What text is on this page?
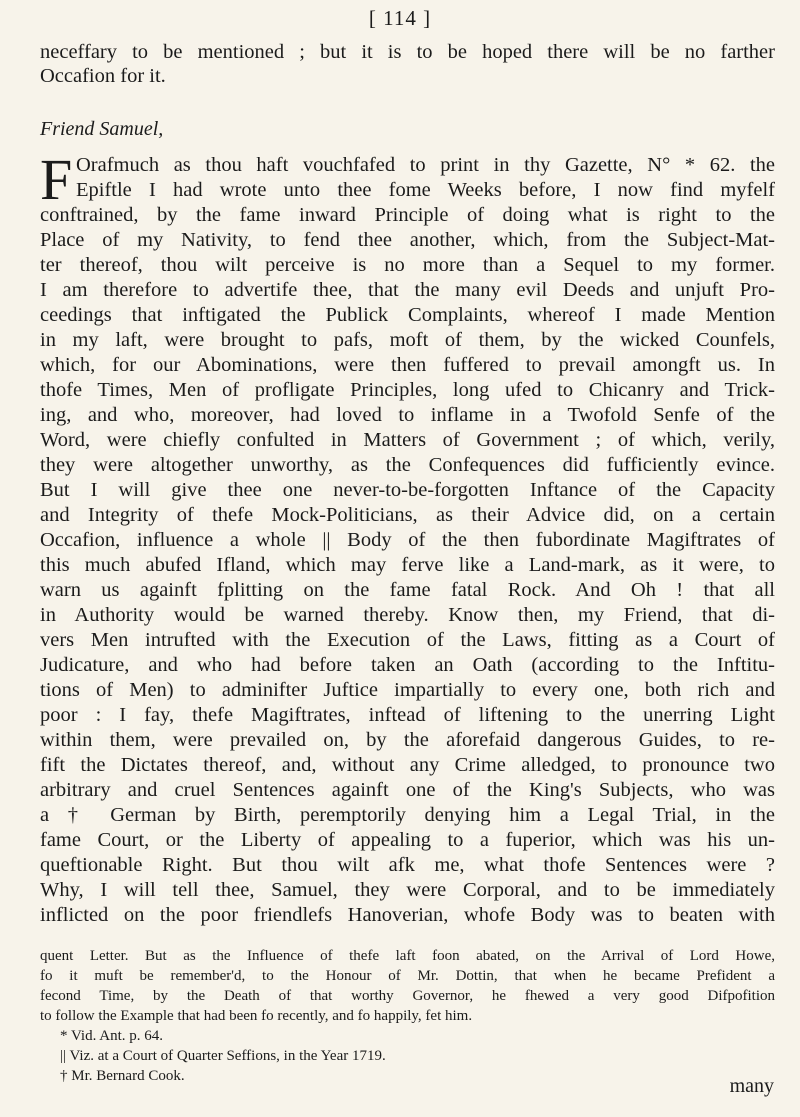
[ 114 ]
neceffary to be mentioned ; but it is to be hoped there will be no farther
Occafion for it.
Friend Samuel,
F Orafmuch as thou haft vouchfafed to print in thy Gazette, N° * 62. the
Epiftle I had wrote unto thee fome Weeks before, I now find myfelf
conftrained, by the fame inward Principle of doing what is right to the
Place of my Nativity, to fend thee another, which, from the Subject-Mat-
ter thereof, thou wilt perceive is no more than a Sequel to my former.
I am therefore to advertife thee, that the many evil Deeds and unjuft Pro-
ceedings that inftigated the Publick Complaints, whereof I made Mention
in my laft, were brought to pafs, moft of them, by the wicked Counfels,
which, for our Abominations, were then fuffered to prevail amongft us. In
thofe Times, Men of profligate Principles, long ufed to Chicanry and Trick-
ing, and who, moreover, had loved to inflame in a Twofold Senfe of the
Word, were chiefly confulted in Matters of Government ; of which, verily,
they were altogether unworthy, as the Confequences did fufficiently evince.
But I will give thee one never-to-be-forgotten Inftance of the Capacity
and Integrity of thefe Mock-Politicians, as their Advice did, on a certain
Occafion, influence a whole || Body of the then fubordinate Magiftrates of
this much abufed Ifland, which may ferve like a Land-mark, as it were, to
warn us againft fplitting on the fame fatal Rock. And Oh ! that all
in Authority would be warned thereby. Know then, my Friend, that di-
vers Men intrufted with the Execution of the Laws, fitting as a Court of
Judicature, and who had before taken an Oath (according to the Inftitu-
tions of Men) to adminifter Juftice impartially to every one, both rich and
poor : I fay, thefe Magiftrates, inftead of liftening to the unerring Light
within them, were prevailed on, by the aforefaid dangerous Guides, to re-
fift the Dictates thereof, and, without any Crime alledged, to pronounce two
arbitrary and cruel Sentences againft one of the King's Subjects, who was
a † German by Birth, peremptorily denying him a Legal Trial, in the
fame Court, or the Liberty of appealing to a fuperior, which was his un-
queftionable Right. But thou wilt afk me, what thofe Sentences were ?
Why, I will tell thee, Samuel, they were Corporal, and to be immediately
inflicted on the poor friendlefs Hanoverian, whofe Body was to beaten with
quent Letter. But as the Influence of thefe laft foon abated, on the Arrival of Lord Howe,
fo it muft be remember'd, to the Honour of Mr. Dottin, that when he became Prefident a
fecond Time, by the Death of that worthy Governor, he fhewed a very good Difpofition
to follow the Example that had been fo recently, and fo happily, fet him.
* Vid. Ant. p. 64.
|| Viz. at a Court of Quarter Seffions, in the Year 1719.
† Mr. Bernard Cook.	many
